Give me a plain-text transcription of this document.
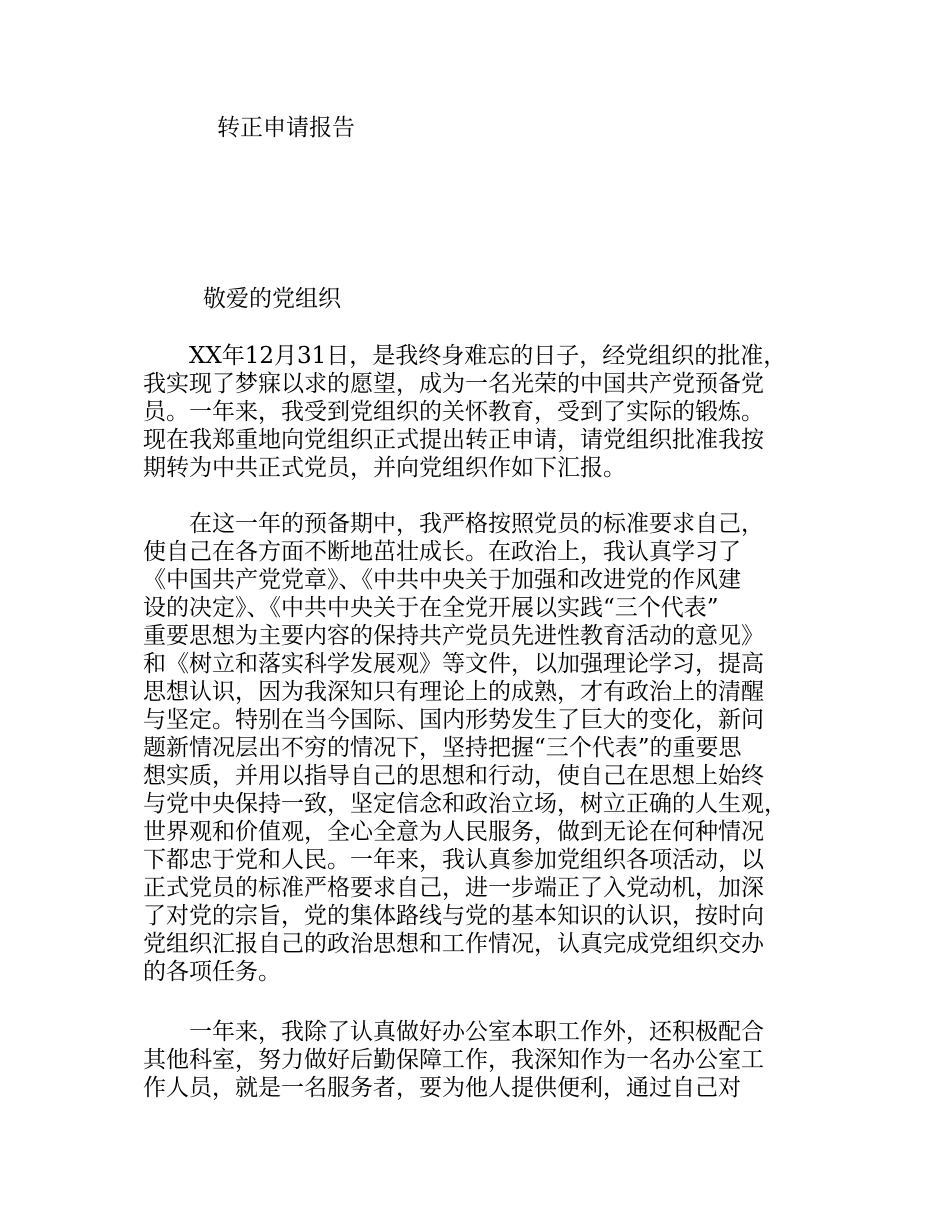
转正申请报告

敬爱的党组织

　　XX年12月31日，是我终身难忘的日子，经党组织的批准，
我实现了梦寐以求的愿望，成为一名光荣的中国共产党预备党
员。一年来，我受到党组织的关怀教育，受到了实际的锻炼。
现在我郑重地向党组织正式提出转正申请，请党组织批准我按
期转为中共正式党员，并向党组织作如下汇报。
　　在这一年的预备期中，我严格按照党员的标准要求自己，
使自己在各方面不断地茁壮成长。在政治上，我认真学习了
《中国共产党党章》、《中共中央关于加强和改进党的作风建
设的决定》、《中共中央关于在全党开展以实践“三个代表”
重要思想为主要内容的保持共产党员先进性教育活动的意见》
和《树立和落实科学发展观》等文件，以加强理论学习，提高
思想认识，因为我深知只有理论上的成熟，才有政治上的清醒
与坚定。特别在当今国际、国内形势发生了巨大的变化，新问
题新情况层出不穷的情况下，坚持把握“三个代表”的重要思
想实质，并用以指导自己的思想和行动，使自己在思想上始终
与党中央保持一致，坚定信念和政治立场，树立正确的人生观，
世界观和价值观，全心全意为人民服务，做到无论在何种情况
下都忠于党和人民。一年来，我认真参加党组织各项活动，以
正式党员的标准严格要求自己，进一步端正了入党动机，加深
了对党的宗旨，党的集体路线与党的基本知识的认识，按时向
党组织汇报自己的政治思想和工作情况，认真完成党组织交办
的各项任务。
　　一年来，我除了认真做好办公室本职工作外，还积极配合
其他科室，努力做好后勤保障工作，我深知作为一名办公室工
作人员，就是一名服务者，要为他人提供便利，通过自己对
